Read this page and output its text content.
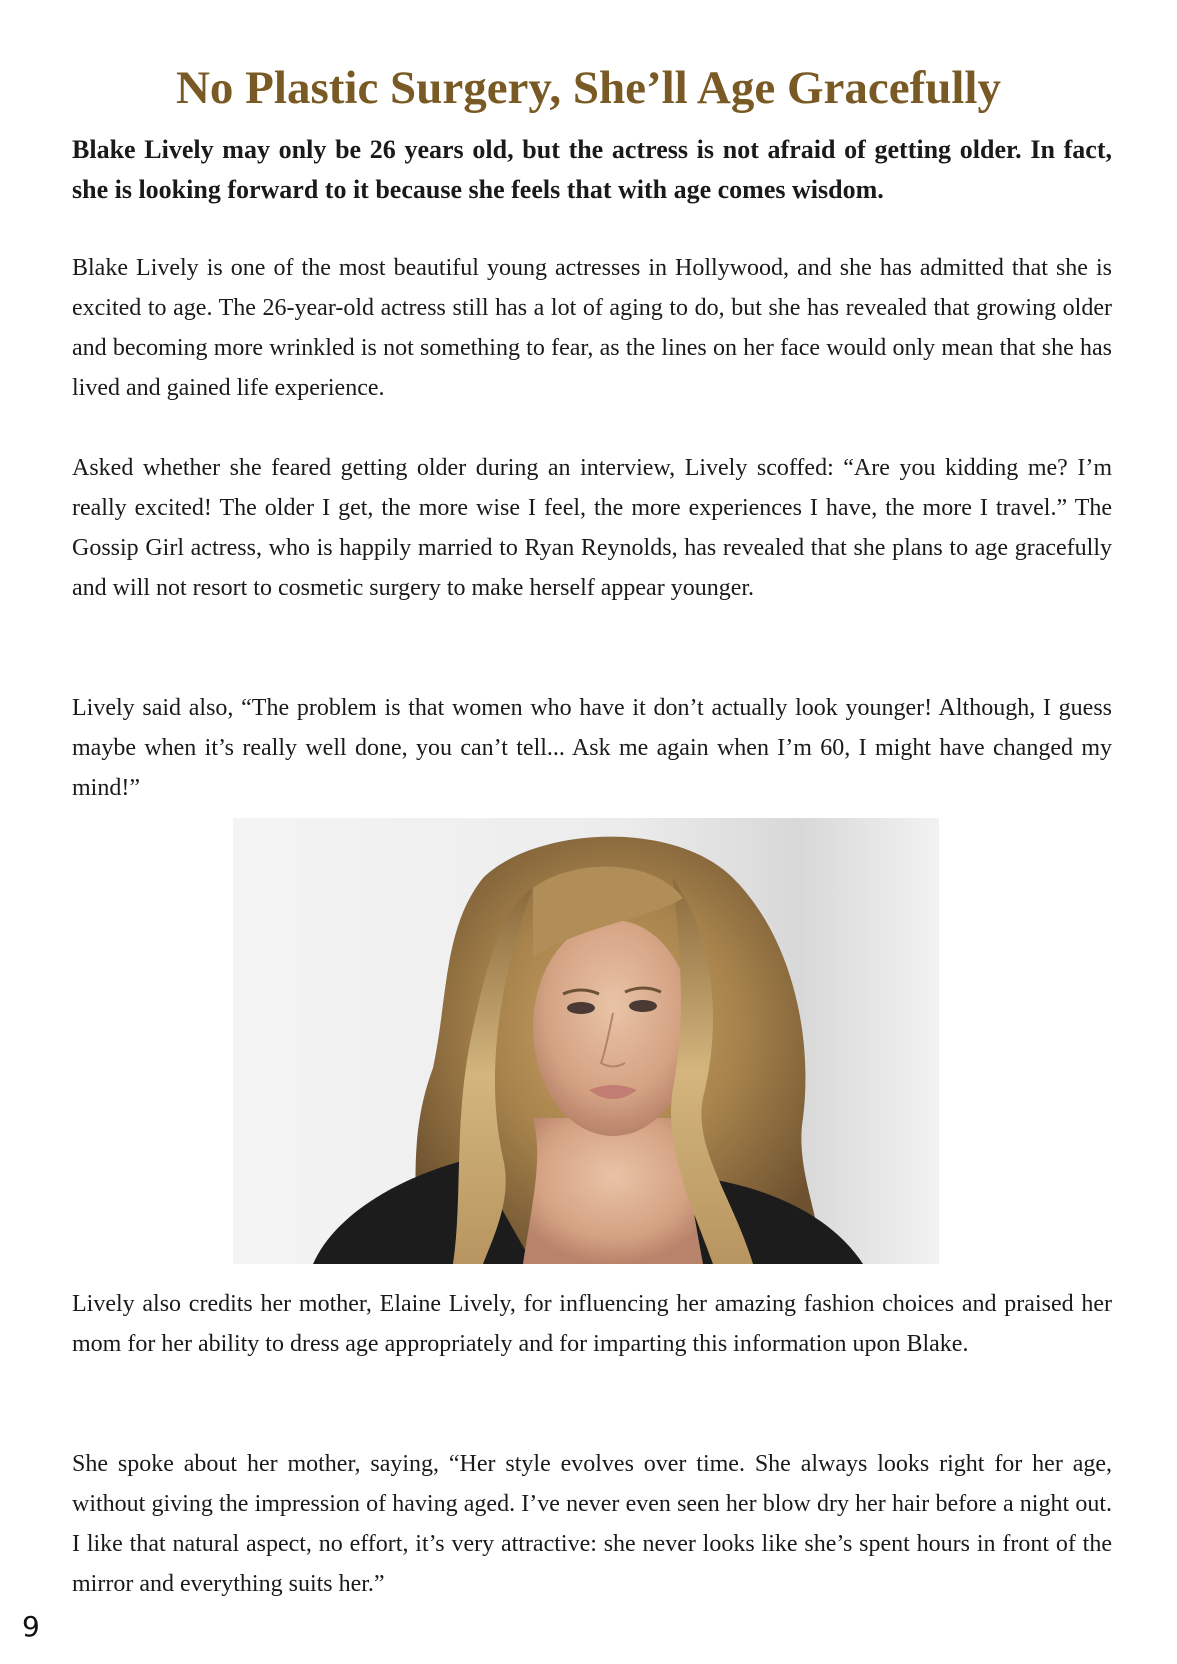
No Plastic Surgery, She’ll Age Gracefully

Blake Lively may only be 26 years old, but the actress is not afraid of getting older. In fact, she is looking forward to it because she feels that with age comes wisdom.

Blake Lively is one of the most beautiful young actresses in Hollywood, and she has admitted that she is excited to age. The 26-year-old actress still has a lot of aging to do, but she has revealed that growing older and becoming more wrinkled is not something to fear, as the lines on her face would only mean that she has lived and gained life experience.

Asked whether she feared getting older during an interview, Lively scoffed: “Are you kidding me? I’m really excited! The older I get, the more wise I feel, the more experiences I have, the more I travel.” The Gossip Girl actress, who is happily married to Ryan Reynolds, has revealed that she plans to age gracefully and will not resort to cosmetic surgery to make herself appear younger.

Lively said also, “The problem is that women who have it don’t actually look younger! Although, I guess maybe when it’s really well done, you can’t tell... Ask me again when I’m 60, I might have changed my mind!”

Lively also credits her mother, Elaine Lively, for influencing her amazing fashion choices and praised her mom for her ability to dress age appropriately and for imparting this information upon Blake.

She spoke about her mother, saying, “Her style evolves over time. She always looks right for her age, without giving the impression of having aged. I’ve never even seen her blow dry her hair before a night out. I like that natural aspect, no effort, it’s very attractive: she never looks like she’s spent hours in front of the mirror and everything suits her.”

9
